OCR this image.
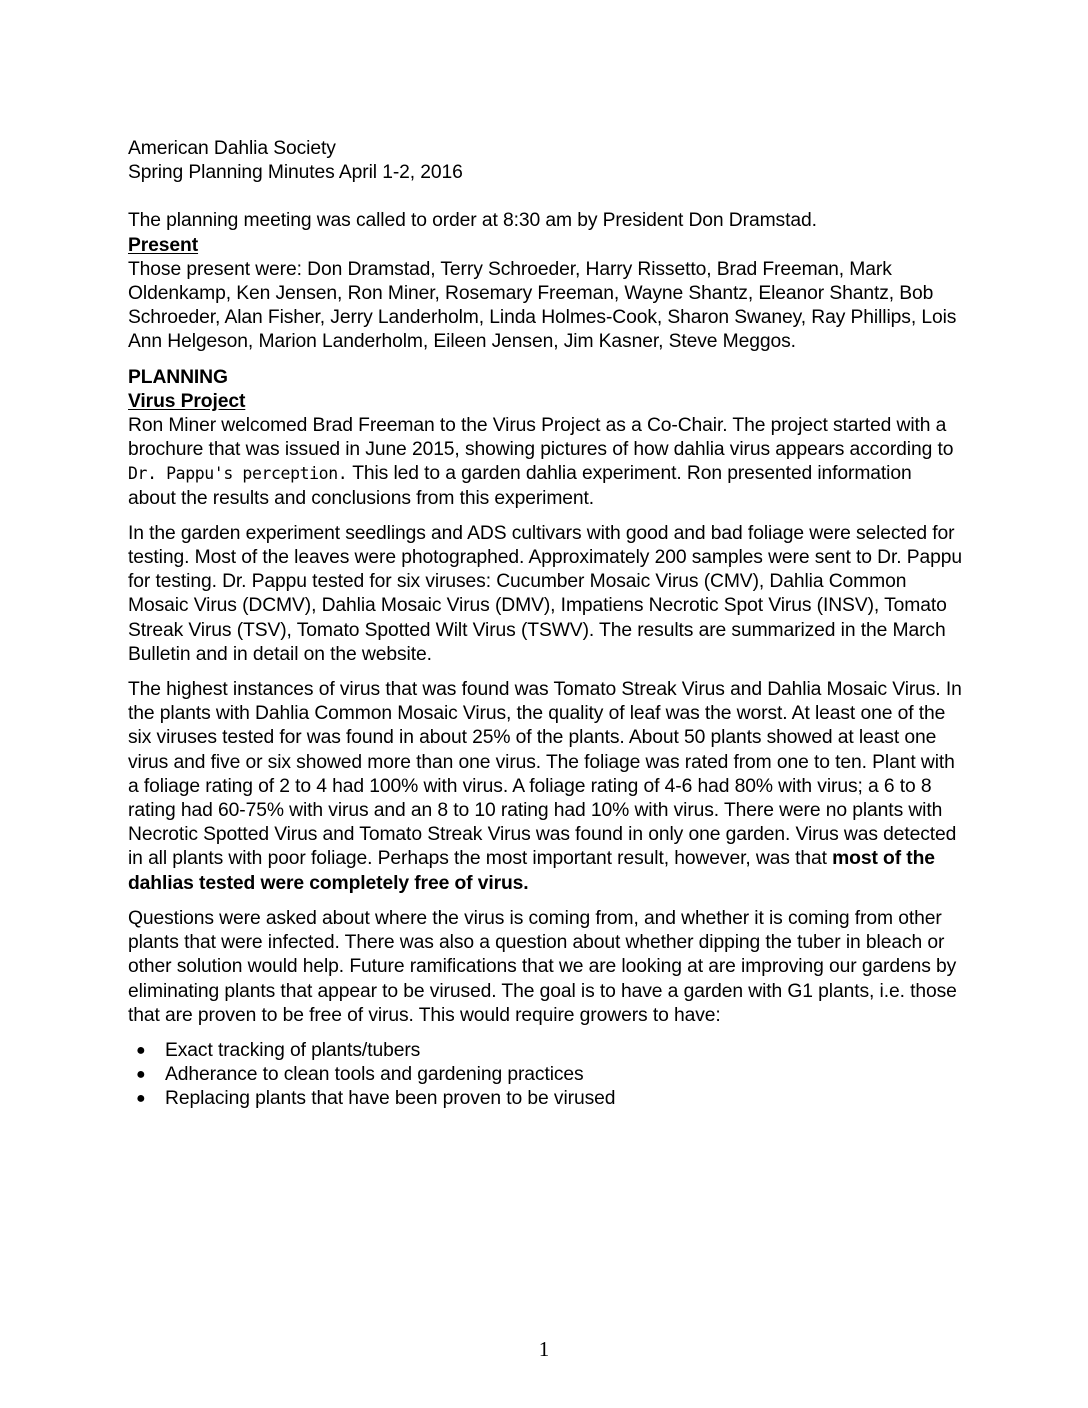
American Dahlia Society

Spring Planning Minutes April 1-2, 2016

The planning meeting was called to order at 8:30 am by President Don Dramstad.

Present

Those present were: Don Dramstad, Terry Schroeder, Harry Rissetto, Brad Freeman, Mark Oldenkamp, Ken Jensen, Ron Miner, Rosemary Freeman, Wayne Shantz, Eleanor Shantz, Bob Schroeder, Alan Fisher, Jerry Landerholm, Linda Holmes-Cook, Sharon Swaney, Ray Phillips, Lois Ann Helgeson, Marion Landerholm, Eileen Jensen, Jim Kasner, Steve Meggos.

PLANNING

Virus Project

Ron Miner welcomed Brad Freeman to the Virus Project as a Co-Chair. The project started with a brochure that was issued in June 2015, showing pictures of how dahlia virus appears according to Dr. Pappu's perception. This led to a garden dahlia experiment. Ron presented information about the results and conclusions from this experiment.

In the garden experiment seedlings and ADS cultivars with good and bad foliage were selected for testing. Most of the leaves were photographed. Approximately 200 samples were sent to Dr. Pappu for testing. Dr. Pappu tested for six viruses: Cucumber Mosaic Virus (CMV), Dahlia Common Mosaic Virus (DCMV), Dahlia Mosaic Virus (DMV), Impatiens Necrotic Spot Virus (INSV), Tomato Streak Virus (TSV), Tomato Spotted Wilt Virus (TSWV). The results are summarized in the March Bulletin and in detail on the website.

The highest instances of virus that was found was Tomato Streak Virus and Dahlia Mosaic Virus. In the plants with Dahlia Common Mosaic Virus, the quality of leaf was the worst. At least one of the six viruses tested for was found in about 25% of the plants. About 50 plants showed at least one virus and five or six showed more than one virus. The foliage was rated from one to ten. Plant with a foliage rating of 2 to 4 had 100% with virus. A foliage rating of 4-6 had 80% with virus; a 6 to 8 rating had 60-75% with virus and an 8 to 10 rating had 10% with virus. There were no plants with Necrotic Spotted Virus and Tomato Streak Virus was found in only one garden. Virus was detected in all plants with poor foliage. Perhaps the most important result, however, was that most of the dahlias tested were completely free of virus.

Questions were asked about where the virus is coming from, and whether it is coming from other plants that were infected. There was also a question about whether dipping the tuber in bleach or other solution would help. Future ramifications that we are looking at are improving our gardens by eliminating plants that appear to be virused. The goal is to have a garden with G1 plants, i.e. those that are proven to be free of virus. This would require growers to have:

● Exact tracking of plants/tubers
● Adherance to clean tools and gardening practices
● Replacing plants that have been proven to be virused
1
